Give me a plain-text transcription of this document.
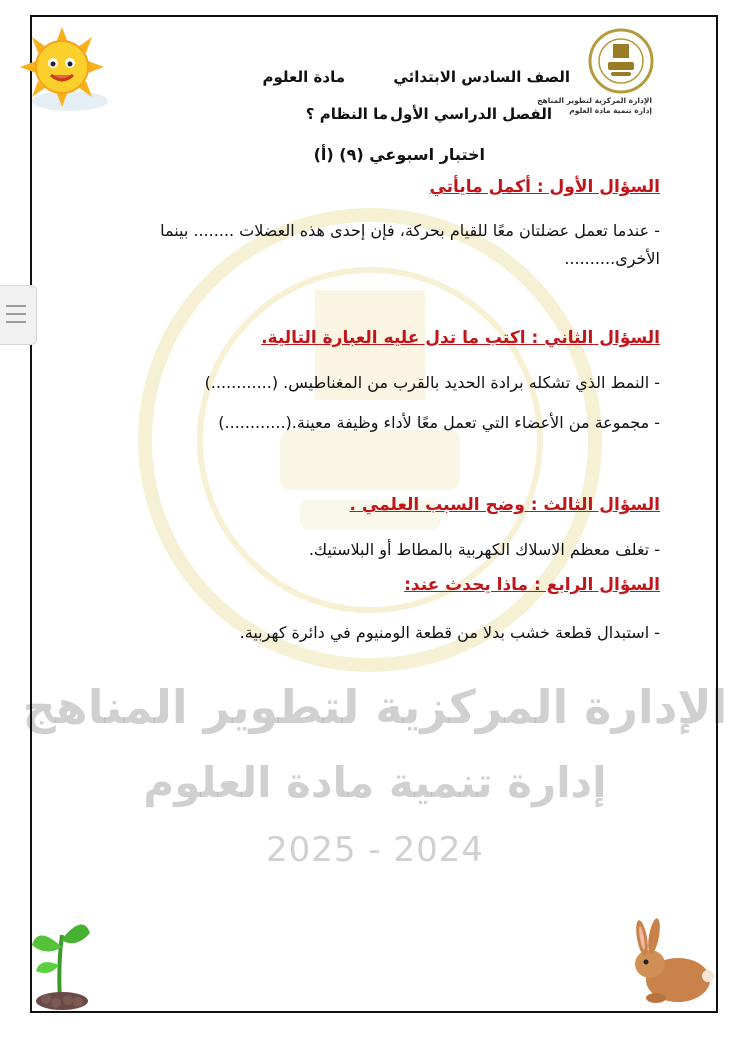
الإدارة المركزية لتطوير المناهج
إدارة تنمية مادة العلوم
2024 - 2025
الإدارة المركزية لتطوير المناهج
إدارة تنمية مادة العلوم
الصف السادس الابتدائي
مادة العلوم
الفصل الدراسي الأول
ما النظام ؟
اختبار اسبوعي (٩) (أ)
السؤال الأول : أكمل مايأتي
- عندما تعمل عضلتان معًا للقيام بحركة، فإن إحدى هذه العضلات ........ بينما
الأخرى..........
السؤال الثاني : اكتب ما تدل عليه العبارة التالية.
- النمط الذي تشكله برادة الحديد بالقرب من المغناطيس. (............)
- مجموعة من الأعضاء التي تعمل معًا لأداء وظيفة معينة.(............)
السؤال الثالث : وضح السبب العلمي .
- تغلف معظم الاسلاك الكهربية بالمطاط أو البلاستيك.
السؤال الرابع : ماذا يحدث عند:
- استبدال قطعة خشب بدلا من قطعة الومنيوم في دائرة كهربية.
